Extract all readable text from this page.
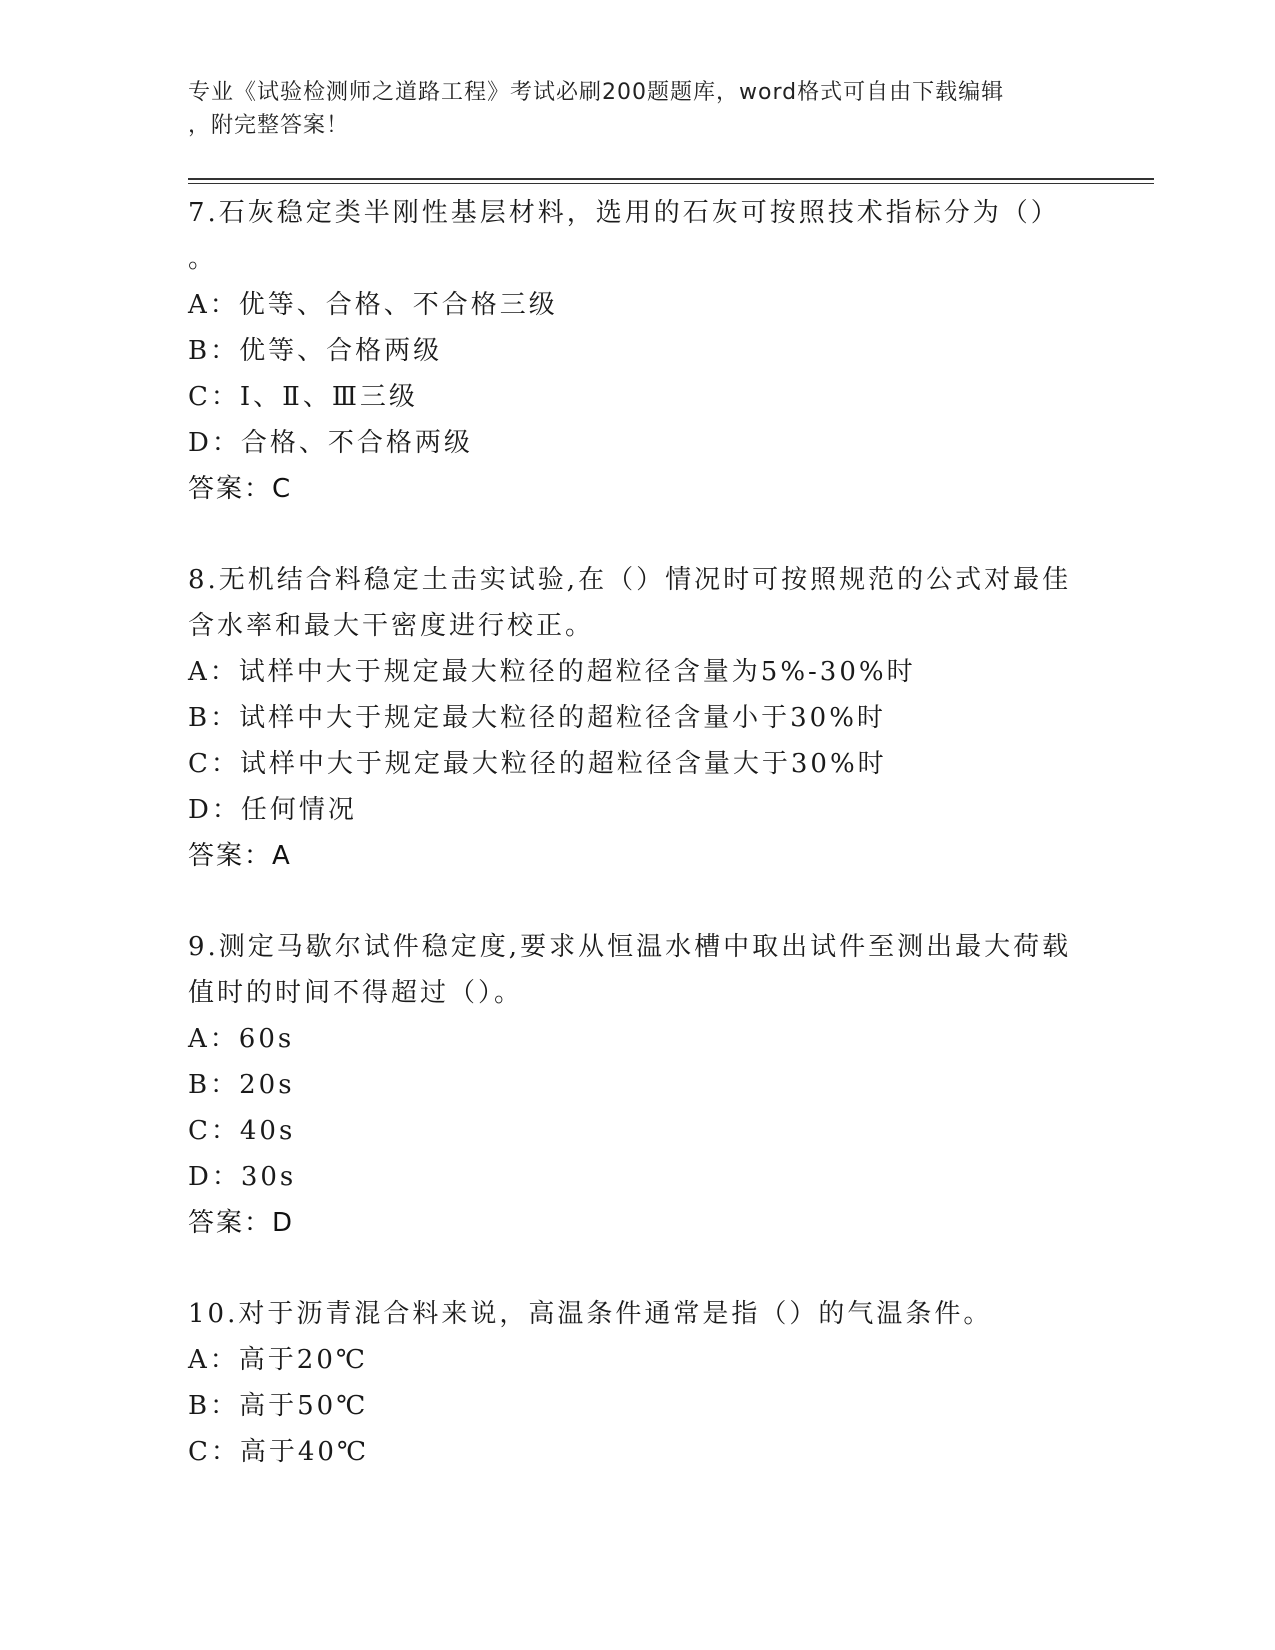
专业《试验检测师之道路工程》考试必刷200题题库，word格式可自由下载编辑
，附完整答案！

7.石灰稳定类半刚性基层材料，选用的石灰可按照技术指标分为（）

。

A：优等、合格、不合格三级

B：优等、合格两级

C：Ⅰ、Ⅱ、Ⅲ三级

D：合格、不合格两级

答案：C

8.无机结合料稳定土击实试验,在（）情况时可按照规范的公式对最佳

含水率和最大干密度进行校正。

A：试样中大于规定最大粒径的超粒径含量为5%-30%时

B：试样中大于规定最大粒径的超粒径含量小于30%时

C：试样中大于规定最大粒径的超粒径含量大于30%时

D：任何情况

答案：A

9.测定马歇尔试件稳定度,要求从恒温水槽中取出试件至测出最大荷载

值时的时间不得超过（）。

A：60s

B：20s

C：40s

D：30s

答案：D

10.对于沥青混合料来说，高温条件通常是指（）的气温条件。

A：高于20℃

B：高于50℃

C：高于40℃
